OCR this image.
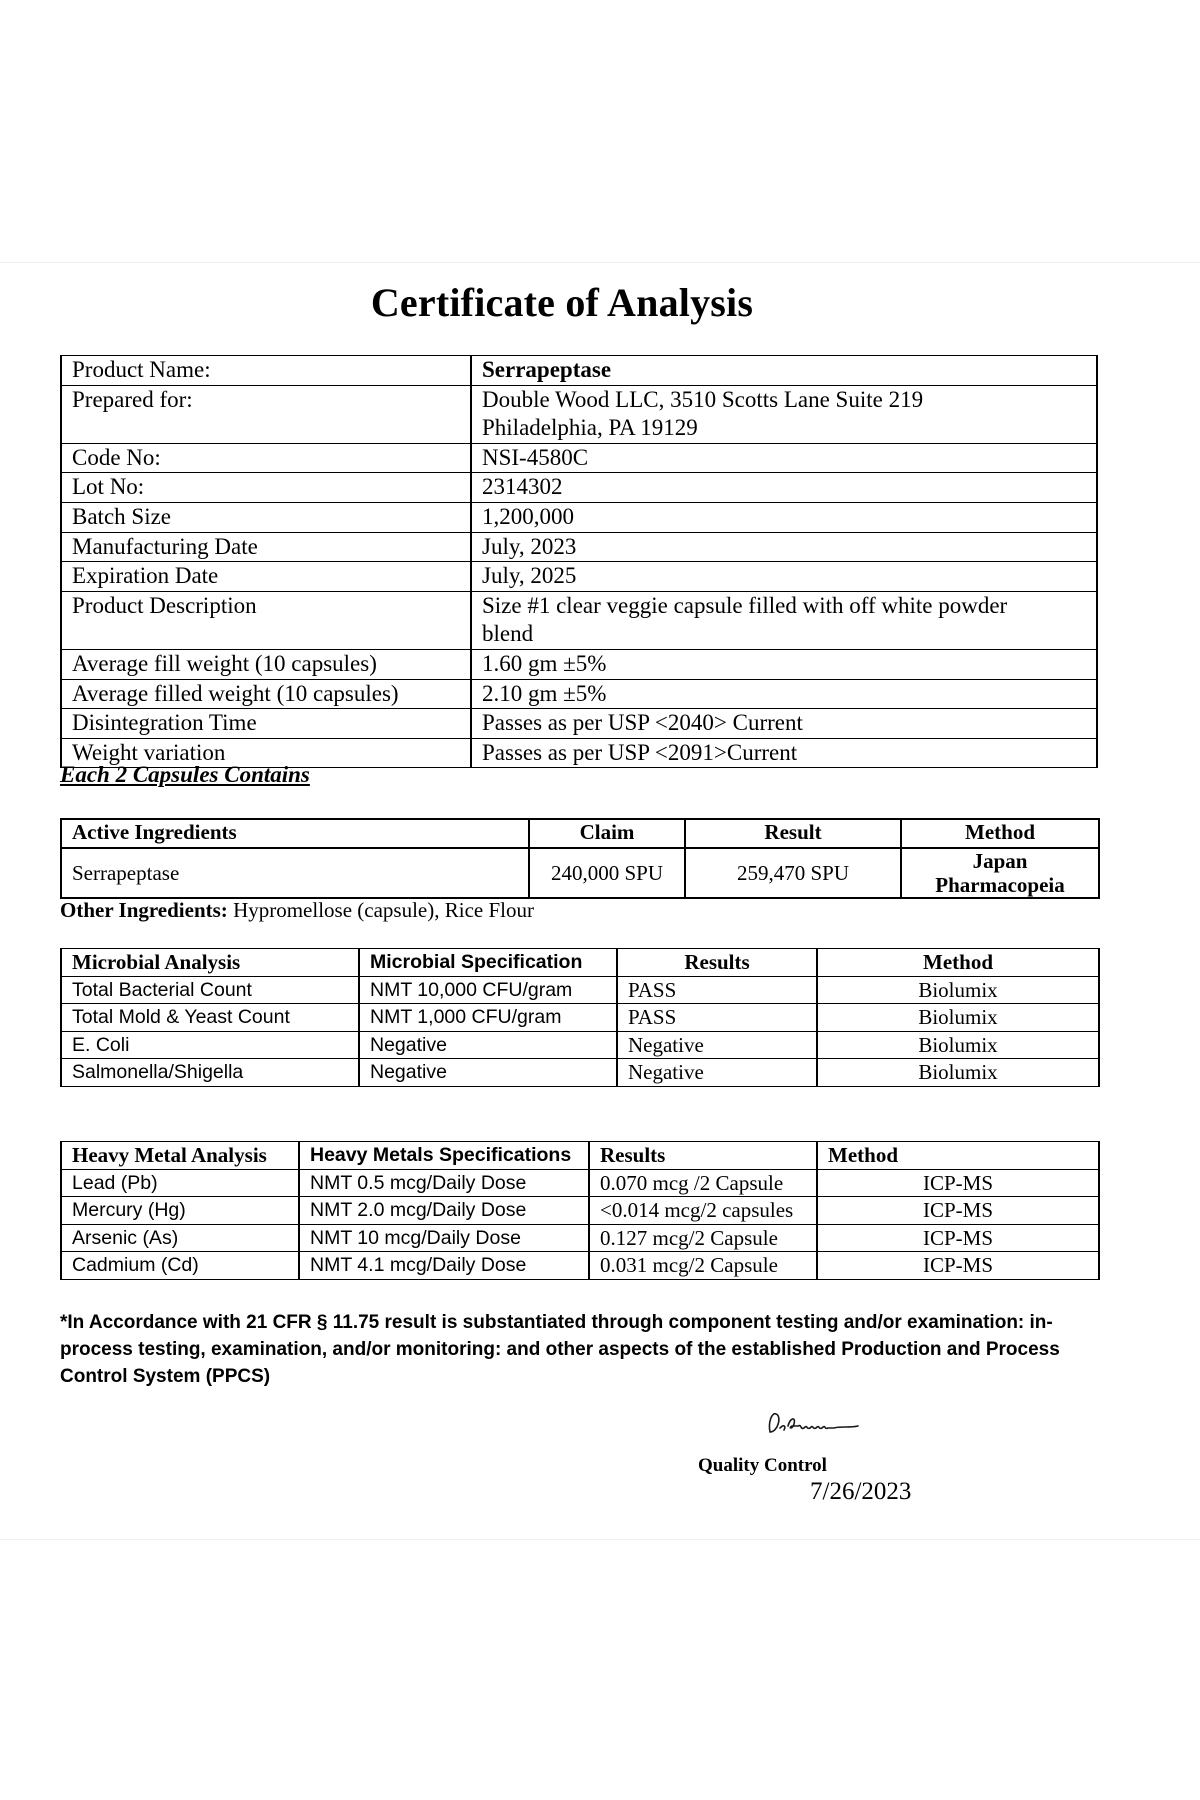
Certificate of Analysis
Product Name:	Serrapeptase
Prepared for:	Double Wood LLC, 3510 Scotts Lane Suite 219
Philadelphia, PA 19129
Code No:	NSI-4580C
Lot No:	2314302
Batch Size	1,200,000
Manufacturing Date	July, 2023
Expiration Date	July, 2025
Product Description	Size #1 clear veggie capsule filled with off white powder
blend
Average fill weight (10 capsules)	1.60 gm ±5%
Average filled weight (10 capsules)	2.10 gm ±5%
Disintegration Time	Passes as per USP <2040> Current
Weight variation	Passes as per USP <2091>Current
Each 2 Capsules Contains
Active Ingredients	Claim	Result	Method
Serrapeptase	240,000 SPU	259,470 SPU	Japan Pharmacopeia
Other Ingredients: Hypromellose (capsule), Rice Flour
Microbial Analysis	Microbial Specification	Results	Method
Total Bacterial Count	NMT 10,000 CFU/gram	PASS	Biolumix
Total Mold & Yeast Count	NMT 1,000 CFU/gram	PASS	Biolumix
E. Coli	Negative	Negative	Biolumix
Salmonella/Shigella	Negative	Negative	Biolumix
Heavy Metal Analysis	Heavy Metals Specifications	Results	Method
Lead (Pb)	NMT 0.5 mcg/Daily Dose	0.070 mcg /2 Capsule	ICP-MS
Mercury (Hg)	NMT 2.0 mcg/Daily Dose	<0.014 mcg/2 capsules	ICP-MS
Arsenic (As)	NMT 10 mcg/Daily Dose	0.127 mcg/2 Capsule	ICP-MS
Cadmium (Cd)	NMT 4.1 mcg/Daily Dose	0.031 mcg/2 Capsule	ICP-MS
*In Accordance with 21 CFR § 11.75 result is substantiated through component testing and/or examination: in-process testing, examination, and/or monitoring: and other aspects of the established Production and Process Control System (PPCS)
Quality Control
7/26/2023
